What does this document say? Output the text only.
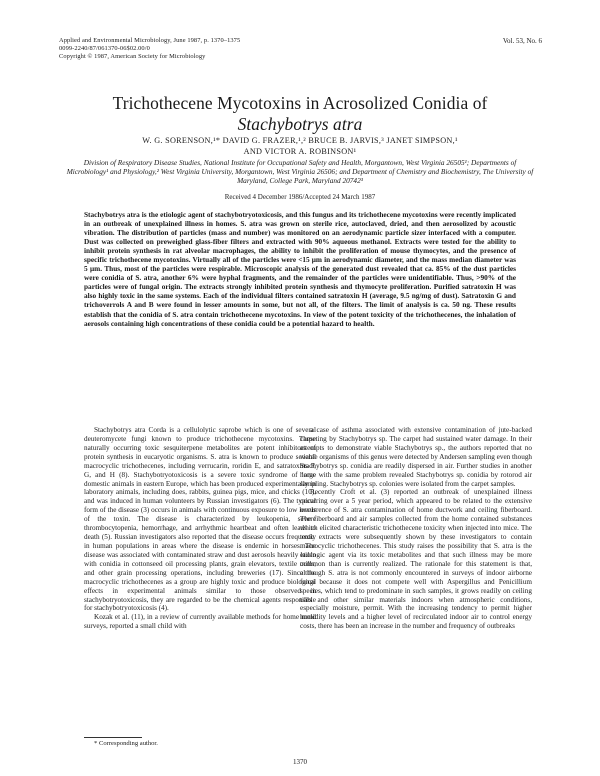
Applied and Environmental Microbiology, June 1987, p. 1370–1375
0099-2240/87/061370-06$02.00/0
Copyright © 1987, American Society for Microbiology
Vol. 53, No. 6
Trichothecene Mycotoxins in Acrosolized Conidia of
Stachybotrys atra
W. G. SORENSON,¹* DAVID G. FRAZER,¹,² BRUCE B. JARVIS,³ JANET SIMPSON,¹
AND VICTOR A. ROBINSON¹
Division of Respiratory Disease Studies, National Institute for Occupational Safety and Health, Morgantown, West Virginia 26505¹; Departments of Microbiology¹ and Physiology,² West Virginia University, Morgantown, West Virginia 26506; and Department of Chemistry and Biochemistry, The University of Maryland, College Park, Maryland 20742³
Received 4 December 1986/Accepted 24 March 1987
Stachybotrys atra is the etiologic agent of stachybotryotoxicosis, and this fungus and its trichothecene mycotoxins were recently implicated in an outbreak of unexplained illness in homes. S. atra was grown on sterile rice, autoclaved, dried, and then aerosolized by acoustic vibration. The distribution of particles (mass and number) was monitored on an aerodynamic particle sizer interfaced with a computer. Dust was collected on preweighed glass-fiber filters and extracted with 90% aqueous methanol. Extracts were tested for the ability to inhibit protein synthesis in rat alveolar macrophages, the ability to inhibit the proliferation of mouse thymocytes, and the presence of specific trichothecene mycotoxins. Virtually all of the particles were <15 μm in aerodynamic diameter, and the mass median diameter was 5 μm. Thus, most of the particles were respirable. Microscopic analysis of the generated dust revealed that ca. 85% of the dust particles were conidia of S. atra, another 6% were hyphal fragments, and the remainder of the particles were unidentifiable. Thus, >90% of the particles were of fungal origin. The extracts strongly inhibited protein synthesis and thymocyte proliferation. Purified satratoxin H was also highly toxic in the same systems. Each of the individual filters contained satratoxin H (average, 9.5 ng/mg of dust). Satratoxin G and trichoverrols A and B were found in lesser amounts in some, but not all, of the filters. The limit of analysis is ca. 50 ng. These results establish that the conidia of S. atra contain trichothecene mycotoxins. In view of the potent toxicity of the trichothecenes, the inhalation of aerosols containing high concentrations of these conidia could be a potential hazard to health.

Stachybotrys atra Corda is a cellulolytic saprobe which is one of several deuteromycete fungi known to produce trichothecene mycotoxins. These naturally occurring toxic sesquiterpene metabolites are potent inhibitors of protein synthesis in eucaryotic organisms. S. atra is known to produce several macrocyclic trichothecenes, including verrucarin, roridin E, and satratoxins F, G, and H (8). Stachybotryotoxicosis is a severe toxic syndrome of large domestic animals in eastern Europe, which has been produced experimentally in laboratory animals, including does, rabbits, guinea pigs, mice, and chicks (10), and was induced in human volunteers by Russian investigators (6). The typical form of the disease (3) occurs in animals with continuous exposure to low levels of the toxin. The disease is characterized by leukopenia, severe thrombocytopenia, hemorrhage, and arrhythmic heartbeat and often leads to death (5). Russian investigators also reported that the disease occurs frequently in human populations in areas where the disease is endemic in horses. The disease was associated with contaminated straw and dust aerosols heavily laden with conidia in cottonseed oil processing plants, grain elevators, textile mills, and other grain processing operations, including breweries (17). Since the macrocyclic trichothecenes as a group are highly toxic and produce biological effects in experimental animals similar to those observed in stachybotryotoxicosis, they are regarded to be the chemical agents responsible for stachybotryotoxicosis (4).

Kozak et al. (11), in a review of currently available methods for home mold surveys, reported a small child with

a case of asthma associated with extensive contamination of jute-backed carpeting by Stachybotrys sp. The carpet had sustained water damage. In their attempts to demonstrate viable Stachybotrys sp., the authors reported that no viable organisms of this genus were detected by Andersen sampling even though Stachybotrys sp. conidia are readily dispersed in air. Further studies in another home with the same problem revealed Stachybotrys sp. conidia by rotorod air sampling. Stachybotrys sp. colonies were isolated from the carpet samples.

Recently Croft et al. (3) reported an outbreak of unexplained illness occurring over a 5 year period, which appeared to be related to the extensive occurrence of S. atra contamination of home ductwork and ceiling fiberboard. The fiberboard and air samples collected from the home contained substances which elicited characteristic trichothecene toxicity when injected into mice. The toxic extracts were subsequently shown by these investigators to contain macrocyclic trichothecenes. This study raises the possibility that S. atra is the etiologic agent via its toxic metabolites and that such illness may be more common than is currently realized. The rationale for this statement is that, although S. atra is not commonly encountered in surveys of indoor airborne fungi because it does not compete well with Aspergillus and Penicillium species, which tend to predominate in such samples, it grows readily on ceiling tiles and other similar materials indoors when atmospheric conditions, especially moisture, permit. With the increasing tendency to permit higher humidity levels and a higher level of recirculated indoor air to control energy costs, there has been an increase in the number and frequency of outbreaks

* Corresponding author.
1370
